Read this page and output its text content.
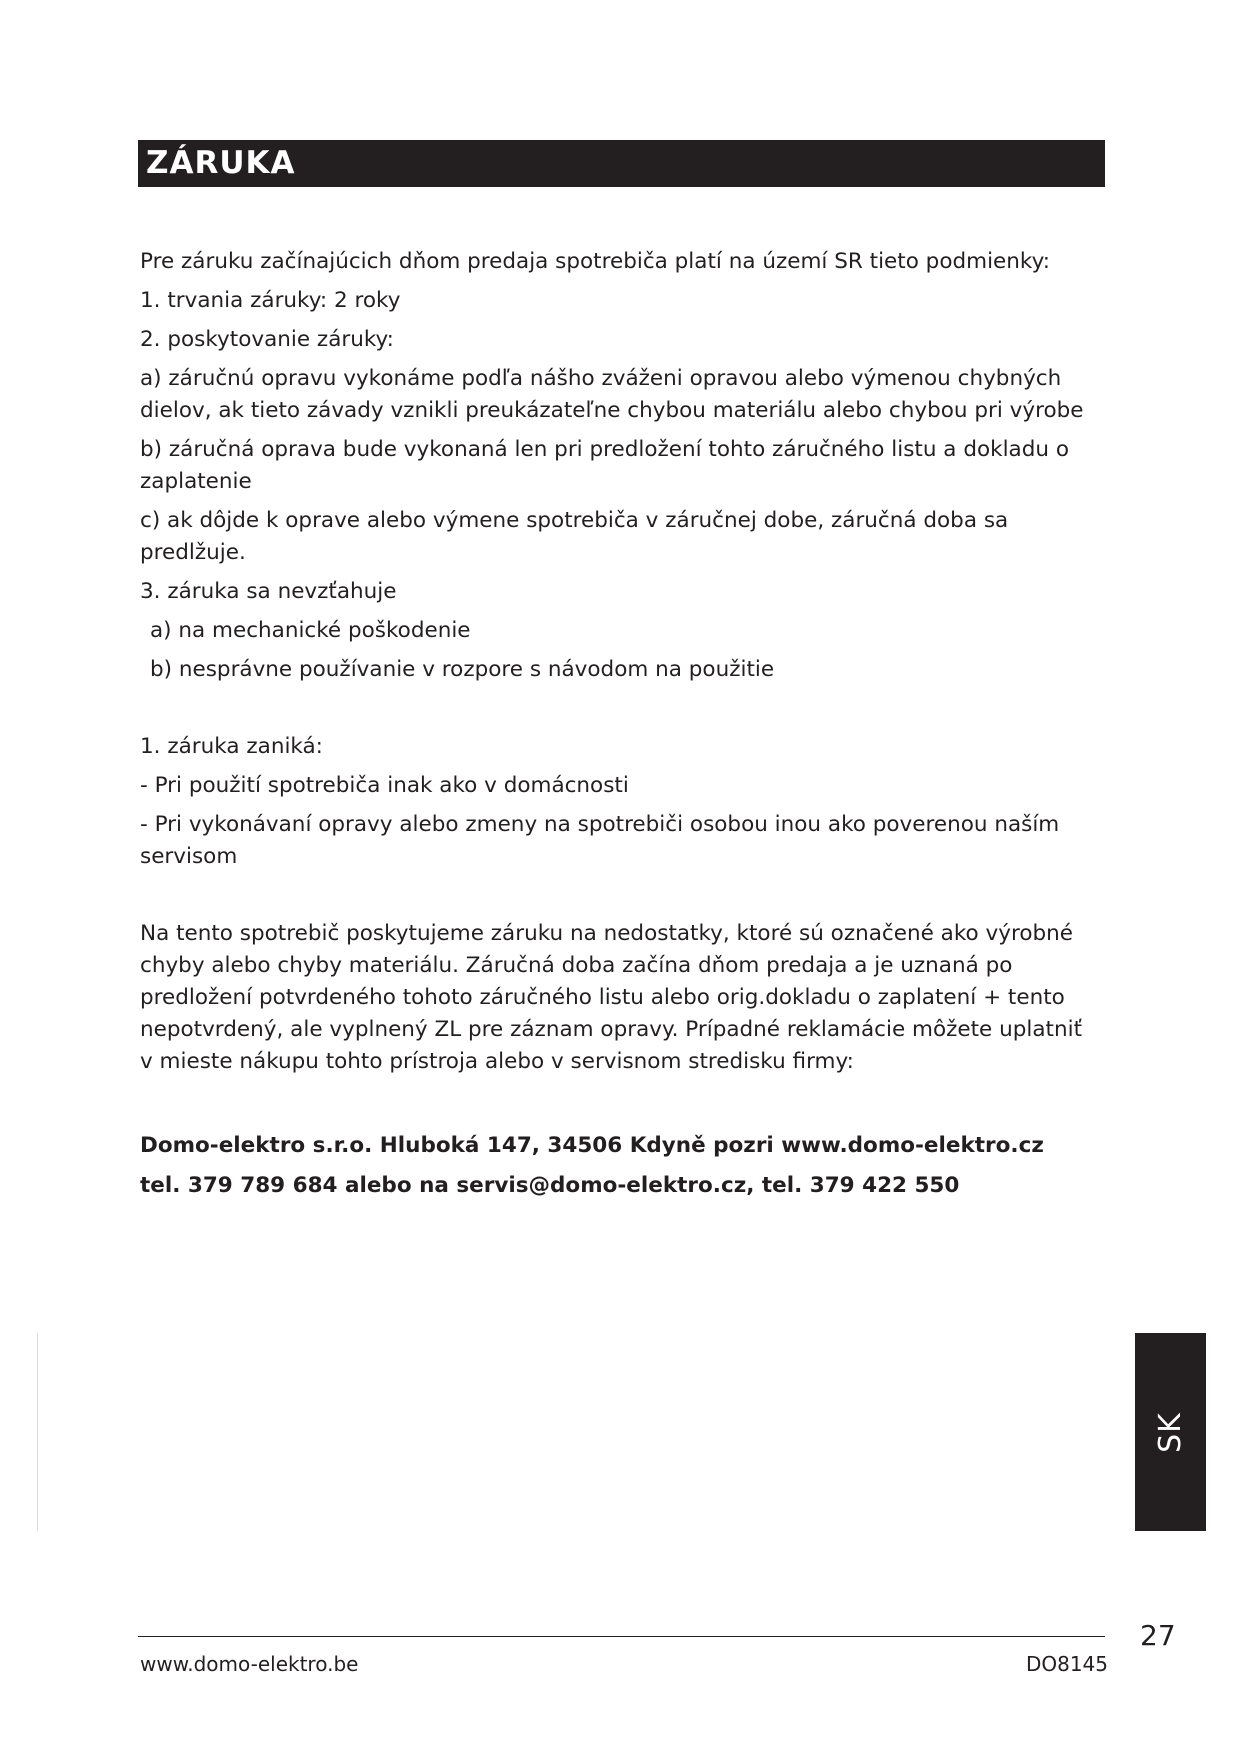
ZÁRUKA

Pre záruku začínajúcich dňom predaja spotrebiča platí na území SR tieto podmienky:

1. trvania záruky: 2 roky

2. poskytovanie záruky:

a) záručnú opravu vykonáme podľa nášho zváženi opravou alebo výmenou chybných dielov, ak tieto závady vznikli preukázateľne chybou materiálu alebo chybou pri výrobe

b) záručná oprava bude vykonaná len pri predložení tohto záručného listu a dokladu o zaplatenie

c) ak dôjde k oprave alebo výmene spotrebiča v záručnej dobe, záručná doba sa predlžuje.

3. záruka sa nevzťahuje

a) na mechanické poškodenie

b) nesprávne používanie v rozpore s návodom na použitie

1. záruka zaniká:

- Pri použití spotrebiča inak ako v domácnosti

- Pri vykonávaní opravy alebo zmeny na spotrebiči osobou inou ako poverenou naším servisom

Na tento spotrebič poskytujeme záruku na nedostatky, ktoré sú označené ako výrobné chyby alebo chyby materiálu. Záručná doba začína dňom predaja a je uznaná po predložení potvrdeného tohoto záručného listu alebo orig.dokladu o zaplatení + tento nepotvrdený, ale vyplnený ZL pre záznam opravy. Prípadné reklamácie môžete uplatniť v mieste nákupu tohto prístroja alebo v servisnom stredisku firmy:

Domo-elektro s.r.o. Hluboká 147, 34506 Kdyně pozri www.domo-elektro.cz

tel. 379 789 684 alebo na servis@domo-elektro.cz, tel. 379 422 550

SK
27
www.domo-elektro.be	DO8145
